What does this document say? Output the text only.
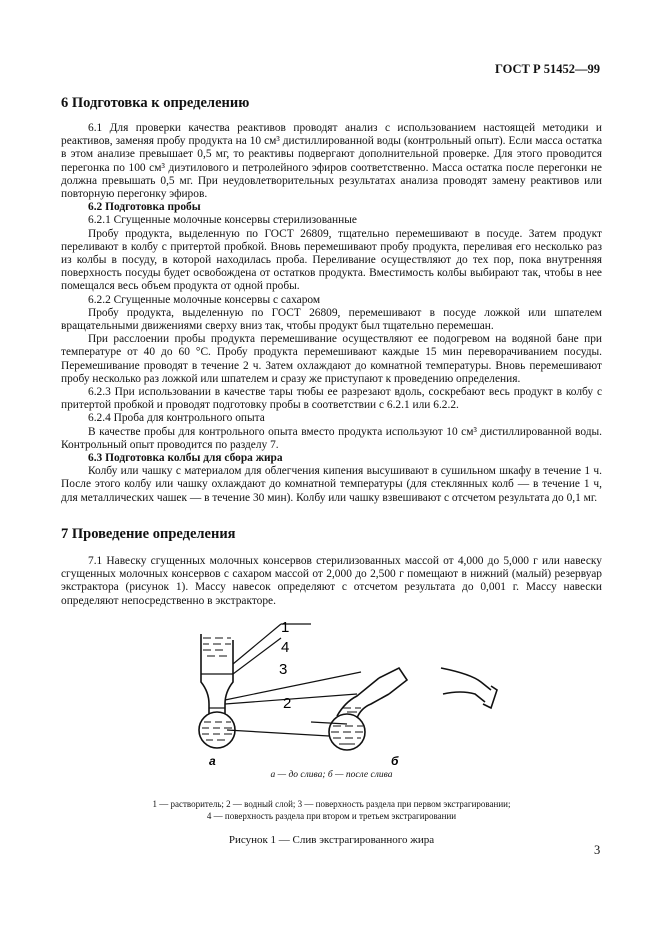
ГОСТ Р 51452—99
6 Подготовка к определению

6.1 Для проверки качества реактивов проводят анализ с использованием настоящей методики и реактивов, заменяя пробу продукта на 10 см³ дистиллированной воды (контрольный опыт). Если масса остатка в этом анализе превышает 0,5 мг, то реактивы подвергают дополнительной проверке. Для этого проводится перегонка по 100 см³ диэтилового и петролейного эфиров соответственно. Масса остатка после перегонки не должна превышать 0,5 мг. При неудовлетворительных результатах анализа проводят замену реактивов или повторную перегонку эфиров.

6.2 Подготовка пробы

6.2.1 Сгущенные молочные консервы стерилизованные

Пробу продукта, выделенную по ГОСТ 26809, тщательно перемешивают в посуде. Затем продукт переливают в колбу с притертой пробкой. Вновь перемешивают пробу продукта, переливая его несколько раз из колбы в посуду, в которой находилась проба. Переливание осуществляют до тех пор, пока внутренняя поверхность посуды будет освобождена от остатков продукта. Вместимость колбы выбирают так, чтобы в нее помещался весь объем продукта от одной пробы.

6.2.2 Сгущенные молочные консервы с сахаром

Пробу продукта, выделенную по ГОСТ 26809, перемешивают в посуде ложкой или шпателем вращательными движениями сверху вниз так, чтобы продукт был тщательно перемешан.

При расслоении пробы продукта перемешивание осуществляют ее подогревом на водяной бане при температуре от 40 до 60 °С. Пробу продукта перемешивают каждые 15 мин переворачиванием посуды. Перемешивание проводят в течение 2 ч. Затем охлаждают до комнатной температуры. Вновь перемешивают пробу несколько раз ложкой или шпателем и сразу же приступают к проведению определения.

6.2.3 При использовании в качестве тары тюбы ее разрезают вдоль, соскребают весь продукт в колбу с притертой пробкой и проводят подготовку пробы в соответствии с 6.2.1 или 6.2.2.

6.2.4 Проба для контрольного опыта

В качестве пробы для контрольного опыта вместо продукта используют 10 см³ дистиллированной воды. Контрольный опыт проводится по разделу 7.

6.3 Подготовка колбы для сбора жира

Колбу или чашку с материалом для облегчения кипения высушивают в сушильном шкафу в течение 1 ч. После этого колбу или чашку охлаждают до комнатной температуры (для стеклянных колб — в течение 1 ч, для металлических чашек — в течение 30 мин). Колбу или чашку взвешивают с отсчетом результата до 0,1 мг.

7 Проведение определения

7.1 Навеску сгущенных молочных консервов стерилизованных массой от 4,000 до 5,000 г или навеску сгущенных молочных консервов с сахаром массой от 2,000 до 2,500 г помещают в нижний (малый) резервуар экстрактора (рисунок 1). Массу навесок определяют с отсчетом результата до 0,001 г. Массу навески определяют непосредственно в экстракторе.

1
4
3
2
а	б
а — до слива; б — после слива
1 — растворитель; 2 — водный слой; 3 — поверхность раздела при первом экстрагировании;
4 — поверхность раздела при втором и третьем экстрагировании
Рисунок 1 — Слив экстрагированного жира
3
